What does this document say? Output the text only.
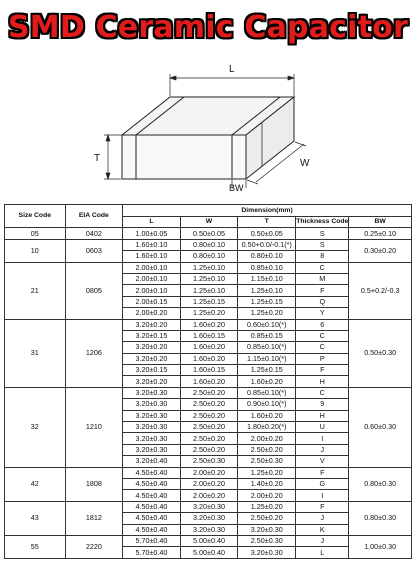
SMD Ceramic Capacitor
L
T	W
BW
Size Code	EIA Code	Dimension(mm)				
		L	W	T	Thickness Code	BW
05	0402	1.00±0.05	0.50±0.05	0.50±0.05	S	0.25±0.10
10	0603	1.60±0.10	0.80±0.10	0.50+0.0/-0.1(*)	S	0.30±0.20
		1.60±0.10	0.80±0.10	0.80±0.10	8	
21	0805	2.00±0.10	1.25±0.10	0.85±0.10	C	0.5+0.2/-0.3
		2.00±0.10	1.25±0.10	1.15±0.10	M	
		2.00±0.10	1.25±0.10	1.25±0.10	F	
		2.00±0.15	1.25±0.15	1.25±0.15	Q	
		2.00±0.20	1.25±0.20	1.25±0.20	Y	
31	1206	3.20±0.20	1.60±0.20	0.60±0.10(*)	6	0.50±0.30
		3.20±0.15	1.60±0.15	0.85±0.15	C	
		3.20±0.20	1.60±0.20	0.85±0.10(*)	C	
		3.20±0.20	1.60±0.20	1.15±0.10(*)	P	
		3.20±0.15	1.60±0.15	1.25±0.15	F	
		3.20±0.20	1.60±0.20	1.60±0.20	H	
32	1210	3.20±0.30	2.50±0.20	0.85±0.10(*)	C	0.60±0.30
		3.20±0.30	2.50±0.20	0.90±0.10(*)	9	
		3.20±0.30	2.50±0.20	1.60±0.20	H	
		3.20±0.30	2.50±0.20	1.80±0.20(*)	U	
		3.20±0.30	2.50±0.20	2.00±0.20	I	
		3.20±0.30	2.50±0.20	2.50±0.20	J	
		3.20±0.40	2.50±0.30	2.50±0.30	V	
42	1808	4.50±0.40	2.00±0.20	1.25±0.20	F	0.80±0.30
		4.50±0.40	2.00±0.20	1.40±0.20	G	
		4.50±0.40	2.00±0.20	2.00±0.20	I	
43	1812	4.50±0.40	3.20±0.30	1.25±0.20	F	0.80±0.30
		4.50±0.40	3.20±0.30	2.50±0.20	J	
		4.50±0.40	3.20±0.30	3.20±0.30	K	
55	2220	5.70±0.40	5.00±0.40	2.50±0.30	J	1.00±0.30
		5.70±0.40	5.00±0.40	3.20±0.30	L	
